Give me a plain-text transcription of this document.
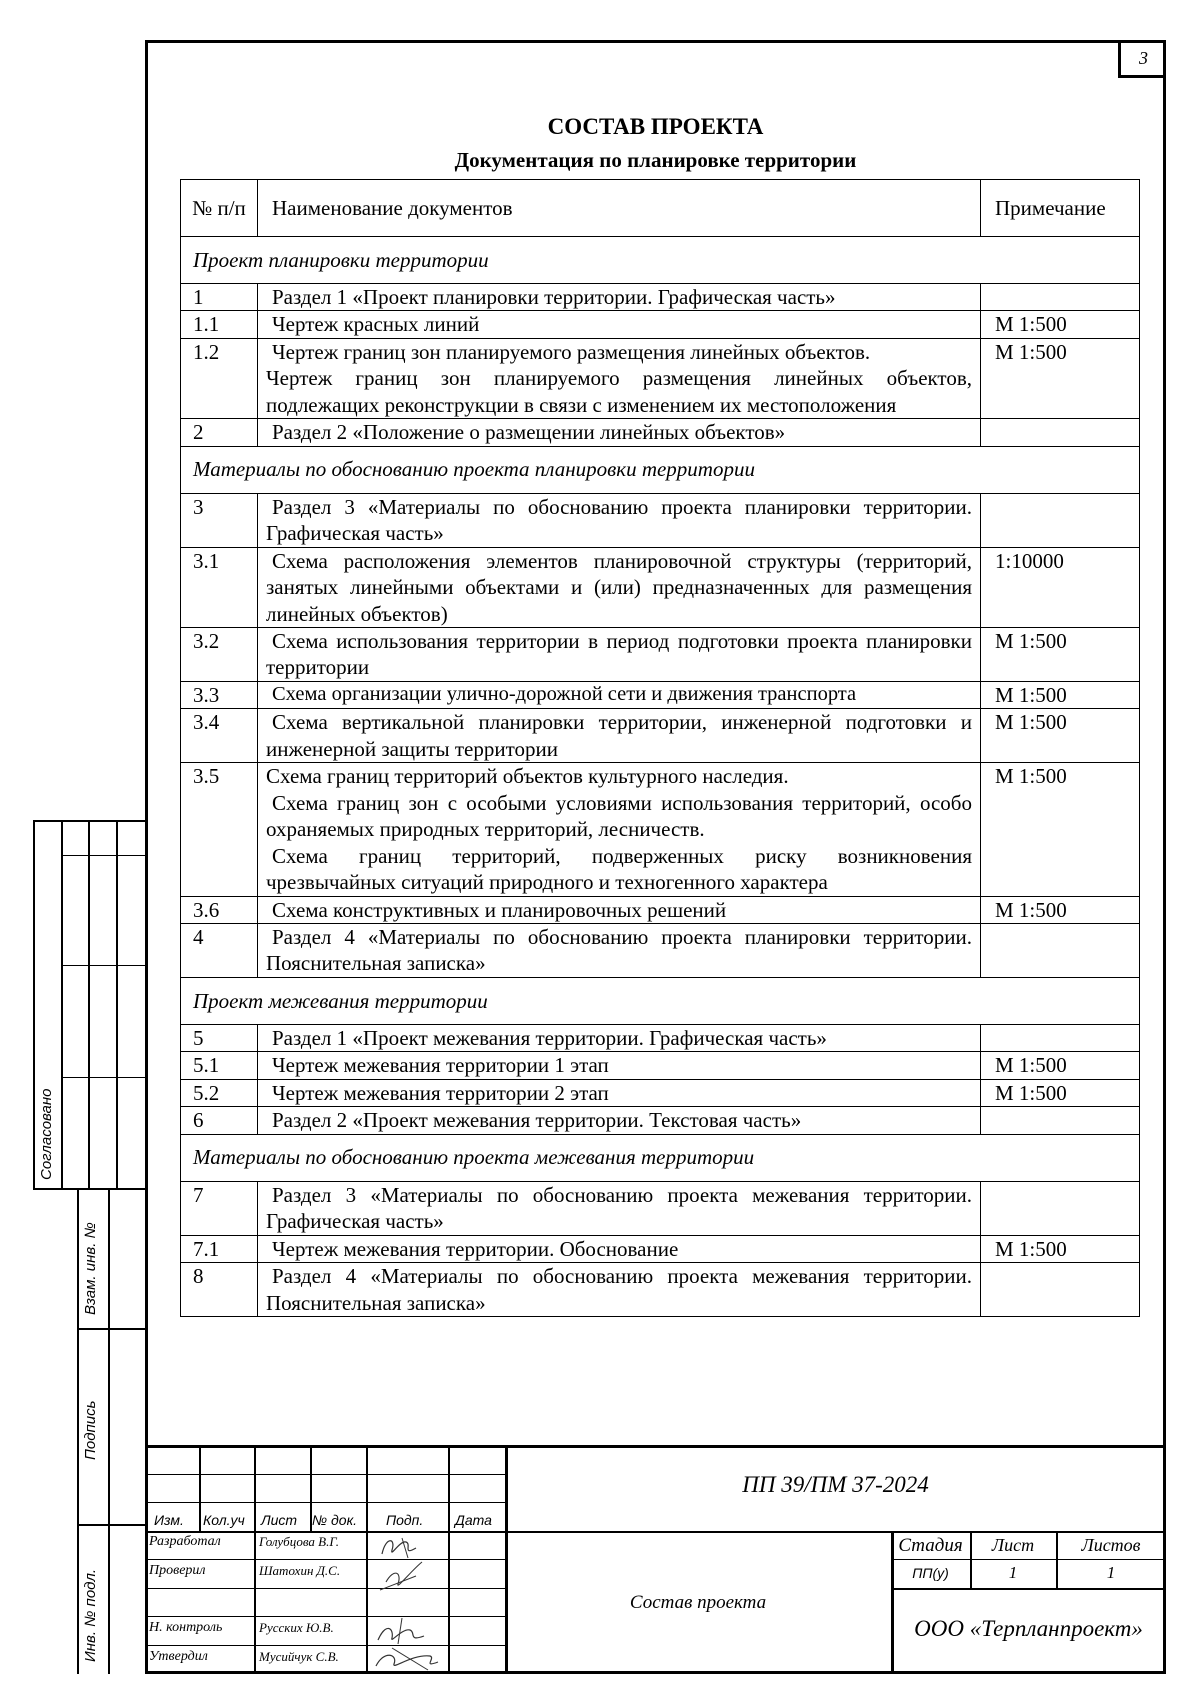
3
СОСТАВ ПРОЕКТА
Документация по планировке территории
№ п/п	Наименование документов	Примечание
Проект планировки территории		
1	Раздел 1 «Проект планировки территории. Графическая часть»	
1.1	Чертеж красных линий	М 1:500
1.2	Чертеж границ зон планируемого размещения линейных объектов.
Чертеж границ зон планируемого размещения линейных объектов, подлежащих реконструкции в связи с изменением их местоположения	М 1:500
2	Раздел 2 «Положение о размещении линейных объектов»	
Материалы по обоснованию проекта планировки территории		
3	Раздел 3 «Материалы по обоснованию проекта планировки территории. Графическая часть»	
3.1	Схема расположения элементов планировочной структуры (территорий, занятых линейными объектами и (или) предназначенных для размещения линейных объектов)	1:10000
3.2	Схема использования территории в период подготовки проекта планировки территории	М 1:500
3.3	Схема организации улично-дорожной сети и движения транспорта	М 1:500
3.4	Схема вертикальной планировки территории, инженерной подготовки и инженерной защиты территории	М 1:500
3.5	Схема границ территорий объектов культурного наследия.
Схема границ зон с особыми условиями использования территорий, особо охраняемых природных территорий, лесничеств.
Схема границ территорий, подверженных риску возникновения чрезвычайных ситуаций природного и техногенного характера	М 1:500
3.6	Схема конструктивных и планировочных решений	М 1:500
4	Раздел 4 «Материалы по обоснованию проекта планировки территории. Пояснительная записка»	
Проект межевания территории		
5	Раздел 1 «Проект межевания территории. Графическая часть»	
5.1	Чертеж межевания территории 1 этап	М 1:500
5.2	Чертеж межевания территории 2 этап	М 1:500
6	Раздел 2 «Проект межевания территории. Текстовая часть»	
Материалы по обоснованию проекта межевания территории		
7	Раздел 3 «Материалы по обоснованию проекта межевания территории. Графическая часть»	
7.1	Чертеж межевания территории. Обоснование	М 1:500
8	Раздел 4 «Материалы по обоснованию проекта межевания территории. Пояснительная записка»	
Согласовано
Взам. инв. №
Подпись
Инв. № подл.
ПП 39/ПМ 37-2024
Изм. Кол.уч Лист № док. Подп. Дата
Разработал	Голубцова В.Г.
Проверил	Шатохин Д.С.
Н. контроль	Русских Ю.В.
Утвердил	Мусийчук С.В.
Состав проекта
Стадия	Лист	Листов
ПП(у)	1	1
ООО «Терпланпроект»
